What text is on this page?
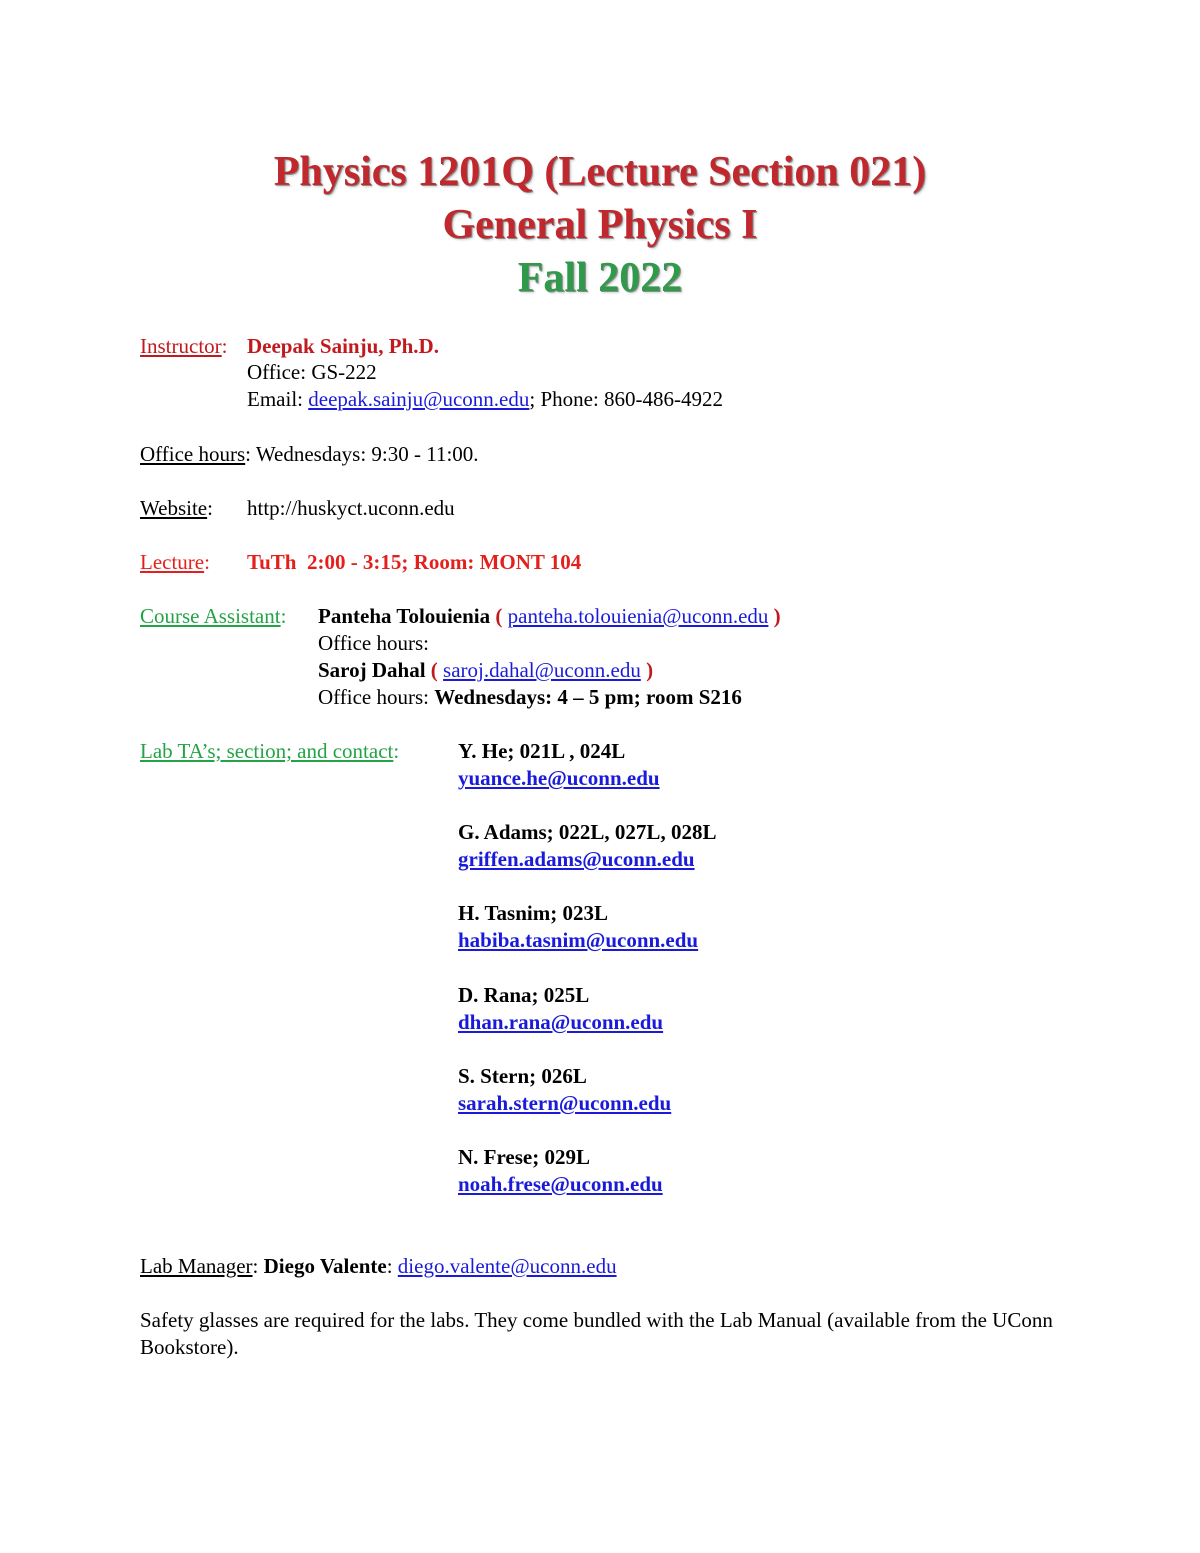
Physics 1201Q (Lecture Section 021)
General Physics I
Fall 2022
Instructor: Deepak Sainju, Ph.D.
Office: GS-222
Email: deepak.sainju@uconn.edu; Phone: 860-486-4922
Office hours: Wednesdays: 9:30 - 11:00.
Website: http://huskyct.uconn.edu
Lecture: TuTh  2:00 - 3:15; Room: MONT 104
Course Assistant: Panteha Tolouienia ( panteha.tolouienia@uconn.edu )
Office hours:
Saroj Dahal ( saroj.dahal@uconn.edu )
Office hours: Wednesdays: 4 – 5 pm; room S216
Lab TA’s; section; and contact:	Y. He; 021L , 024L
yuance.he@uconn.edu
G. Adams; 022L, 027L, 028L
griffen.adams@uconn.edu
H. Tasnim; 023L
habiba.tasnim@uconn.edu
D. Rana; 025L
dhan.rana@uconn.edu
S. Stern; 026L
sarah.stern@uconn.edu
N. Frese; 029L
noah.frese@uconn.edu
Lab Manager: Diego Valente: diego.valente@uconn.edu
Safety glasses are required for the labs. They come bundled with the Lab Manual (available from the UConn Bookstore).
